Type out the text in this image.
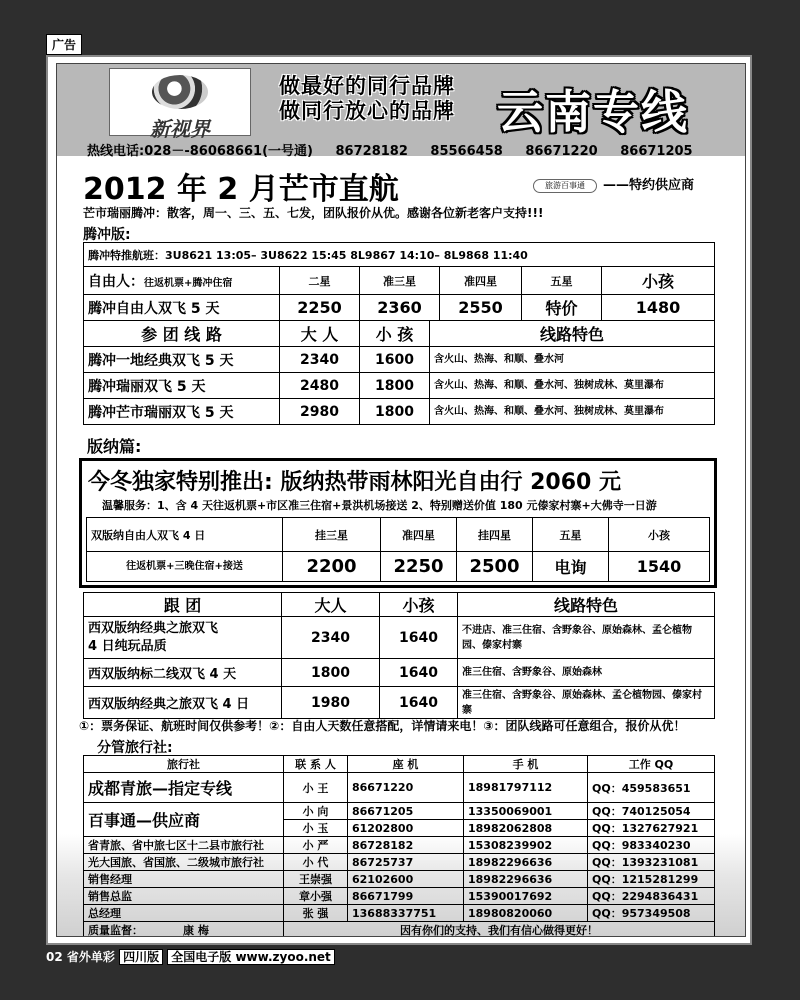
广告
新视界
做最好的同行品牌
做同行放心的品牌 云南专线
热线电话:028－-86068661(一号通) 86728182 85566458 86671220 86671205
2012 年 2 月芒市直航	旅游百事通 ——特约供应商
芒市瑞丽腾冲：散客，周一、三、五、七发，团队报价从优。感谢各位新老客户支持!!!
腾冲版:
腾冲特推航班：3U8621 13:05– 3U8622 15:45 8L9867 14:10– 8L9868 11:40					
自由人：往返机票+腾冲住宿	二星	准三星	准四星	五星	小孩
腾冲自由人双飞 5 天	2250	2360	2550	特价	1480
参 团 线 路	大 人	小 孩	线路特色
腾冲一地经典双飞 5 天	2340	1600	含火山、热海、和顺、叠水河
腾冲瑞丽双飞 5 天	2480	1800	含火山、热海、和顺、叠水河、独树成林、莫里瀑布
腾冲芒市瑞丽双飞 5 天	2980	1800	含火山、热海、和顺、叠水河、独树成林、莫里瀑布
版纳篇:
今冬独家特别推出: 版纳热带雨林阳光自由行 2060 元
温馨服务：1、含 4 天往返机票+市区准三住宿+景洪机场接送 2、特别赠送价值 180 元傣家村寨+大佛寺一日游
双版纳自由人双飞 4 日	挂三星	准四星	挂四星	五星	小孩
往返机票+三晚住宿+接送	2200	2250	2500	电询	1540
跟 团	大人	小孩	线路特色
西双版纳经典之旅双飞
4 日纯玩品质	2340	1640	不进店、准三住宿、含野象谷、原始森林、孟仑植物园、傣家村寨
西双版纳标二线双飞 4 天	1800	1640	准三住宿、含野象谷、原始森林
西双版纳经典之旅双飞 4 日	1980	1640	准三住宿、含野象谷、原始森林、孟仑植物园、傣家村寨
①：票务保证、航班时间仅供参考！②：自由人天数任意搭配，详情请来电！③：团队线路可任意组合，报价从优！
分管旅行社:
旅行社	联 系 人	座 机	手 机	工作 QQ
成都青旅—指定专线	小 王	86671220	18981797112	QQ：459583651
百事通—供应商	小 向	86671205	13350069001	QQ：740125054
	小 玉	61202800	18982062808	QQ：1327627921
省青旅、省中旅七区十二县市旅行社	小 严	86728182	15308239902	QQ：983340230
光大国旅、省国旅、二级城市旅行社	小 代	86725737	18982296636	QQ：1393231081
销售经理	王崇强	62102600	18982296636	QQ：1215281299
销售总监	章小强	86671799	15390017692	QQ：2294836431
总经理	张 强	13688337751	18980820060	QQ：957349508
质量监督： 康 梅	因有你们的支持、我们有信心做得更好！			
02 省外单彩 四川版 全国电子版 www.zyoo.net
